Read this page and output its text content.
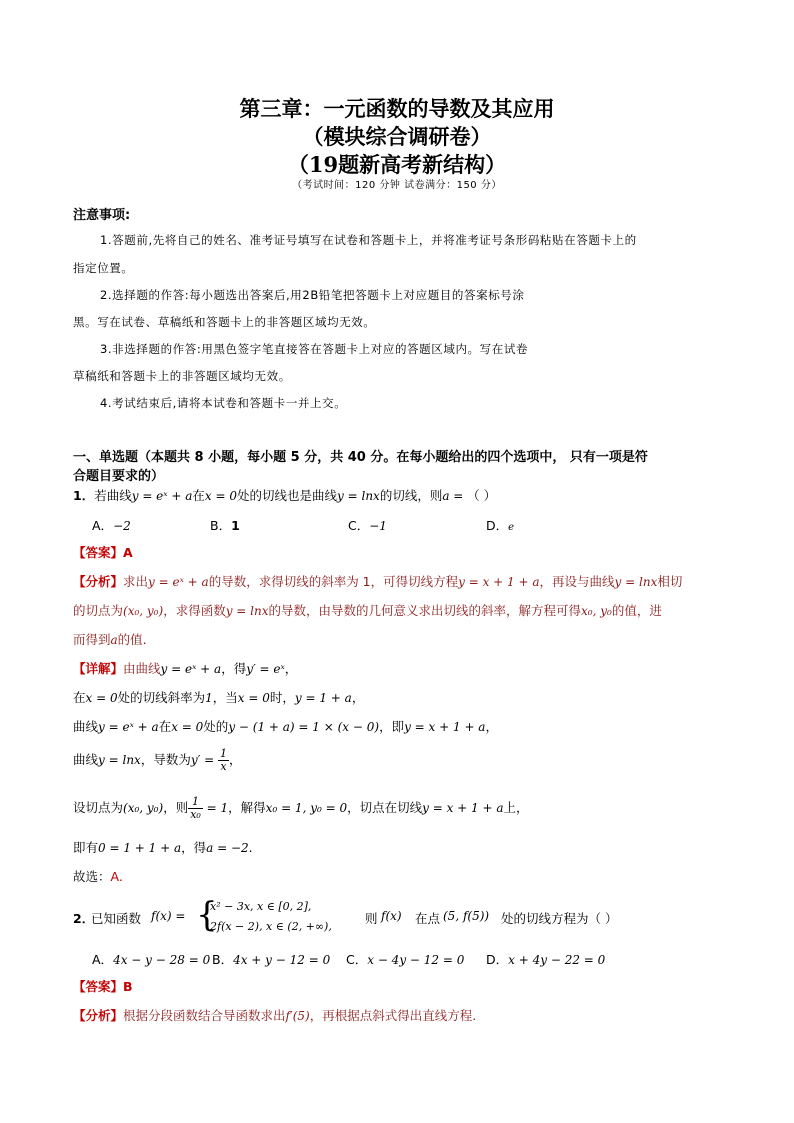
第三章：一元函数的导数及其应用
（模块综合调研卷）
（19题新高考新结构）
（考试时间：120 分钟 试卷满分：150 分）
注意事项:
1.答题前,先将自己的姓名、准考证号填写在试卷和答题卡上，并将准考证号条形码粘贴在答题卡上的
指定位置。
2.选择题的作答:每小题选出答案后,用2B铅笔把答题卡上对应题目的答案标号涂
黑。写在试卷、草稿纸和答题卡上的非答题区域均无效。
3.非选择题的作答:用黑色签字笔直接答在答题卡上对应的答题区域内。写在试卷
草稿纸和答题卡上的非答题区域均无效。
4.考试结束后,请将本试卷和答题卡一并上交。
一、单选题（本题共 8 小题，每小题 5 分，共 40 分。在每小题给出的四个选项中， 只有一项是符
合题目要求的）
1．若曲线y = eˣ + a在x = 0处的切线也是曲线y = lnx的切线，则a = （ ）
A．−2	B．1	C．−1	D．e
【答案】A
【分析】求出y = eˣ + a的导数，求得切线的斜率为 1，可得切线方程y = x + 1 + a，再设与曲线y = lnx相切
的切点为(x₀, y₀)，求得函数y = lnx的导数，由导数的几何意义求出切线的斜率，解方程可得x₀, y₀的值，进
而得到a的值.
【详解】由曲线y = eˣ + a，得y′ = eˣ，
在x = 0处的切线斜率为1，当x = 0时，y = 1 + a，
曲线y = eˣ + a在x = 0处的y − (1 + a) = 1 × (x − 0)，即y = x + 1 + a，
曲线y = lnx，导数为$y' = \frac{1}{x}$ ，
设切点为(x₀, y₀)，则 $\frac{1}{\text{x₀}} = 1$，解得x₀ = 1, y₀ = 0，切点在切线y = x + 1 + a上，
即有0 = 1 + 1 + a，得a = −2.
故选：A.
2．
已知函数 f(x) = {
x² − 3x, x ∈ [0, 2],
2f(x − 2), x ∈ (2, +∞),
则 f(x) 在点 (5, f(5)) 处的切线方程为（ ）
A．4x − y − 28 = 0 B．4x + y − 12 = 0 C．x − 4y − 12 = 0 D．x + 4y − 22 = 0
【答案】B
【分析】根据分段函数结合导函数求出f′(5)，再根据点斜式得出直线方程.
